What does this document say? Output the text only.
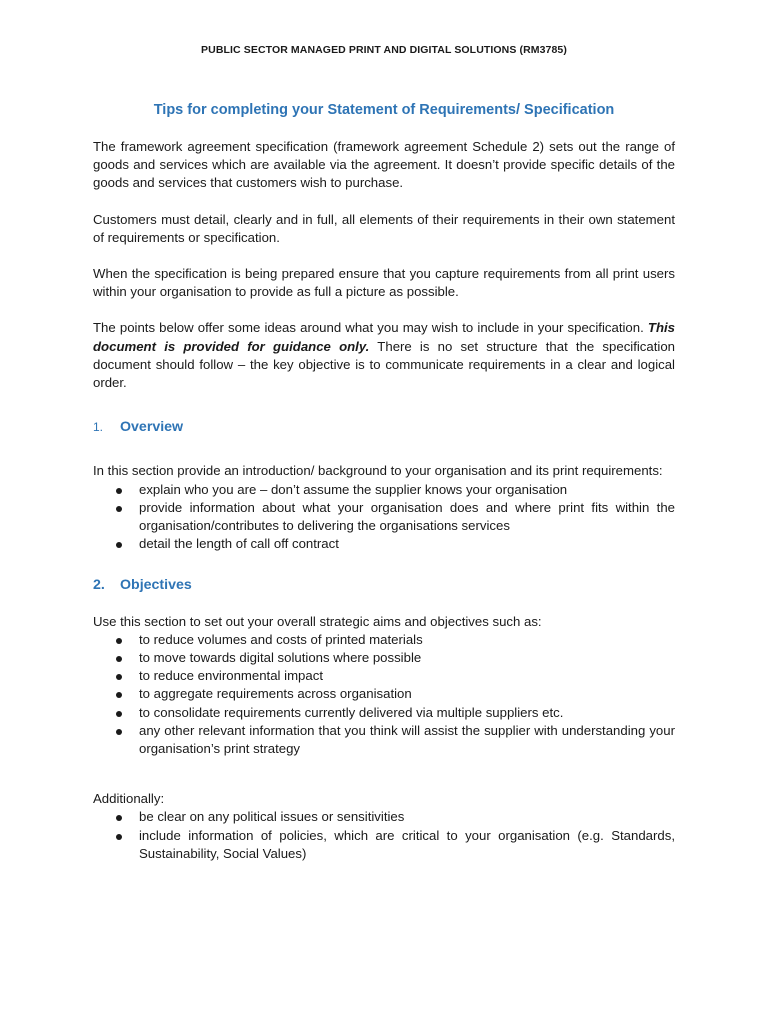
PUBLIC SECTOR MANAGED PRINT AND DIGITAL SOLUTIONS (RM3785)
Tips for completing your Statement of Requirements/ Specification

The framework agreement specification (framework agreement Schedule 2) sets out the range of goods and services which are available via the agreement. It doesn’t provide specific details of the goods and services that customers wish to purchase.

Customers must detail, clearly and in full, all elements of their requirements in their own statement of requirements or specification.

When the specification is being prepared ensure that you capture requirements from all print users within your organisation to provide as full a picture as possible.

The points below offer some ideas around what you may wish to include in your specification. This document is provided for guidance only. There is no set structure that the specification document should follow – the key objective is to communicate requirements in a clear and logical order.

1.	Overview

In this section provide an introduction/ background to your organisation and its print requirements:

explain who you are – don’t assume the supplier knows your organisation
provide information about what your organisation does and where print fits within the organisation/contributes to delivering the organisations services
detail the length of call off contract
2.	Objectives

Use this section to set out your overall strategic aims and objectives such as:

to reduce volumes and costs of printed materials
to move towards digital solutions where possible
to reduce environmental impact
to aggregate requirements across organisation
to consolidate requirements currently delivered via multiple suppliers etc.
any other relevant information that you think will assist the supplier with understanding your organisation’s print strategy

Additionally:

be clear on any political issues or sensitivities
include information of policies, which are critical to your organisation (e.g. Standards, Sustainability, Social Values)
